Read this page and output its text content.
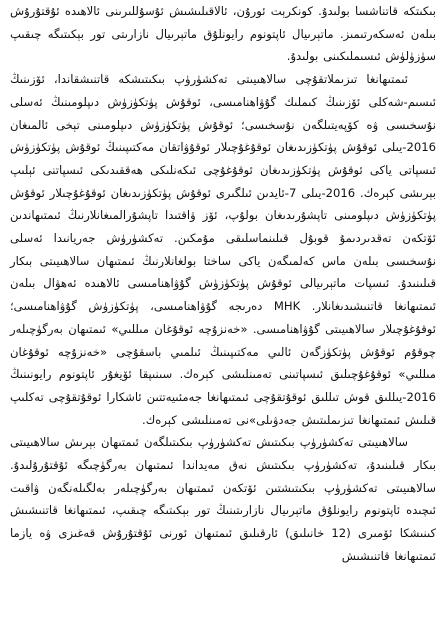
بىكىتكە قاتناشسا بولىدۇ. كونكرېت ئورۇن، ئالاقىلىشىش ئۇسۇللىرىنى ئالاھىدە ئۇقتۇرۇش بىلەن ئەسكەرتىمىز. ماتېرىيال ئاپتونوم رايونلۇق ماتېرىيال نازارىتى تور بېكىتىگە چىقىپ سۈزۈلۈش ئىسىملىكىنى بولىدۇ.

ئىمتىھانغا تىزىملاتقۇچى سالاھىيىتى تەكشۈرۈپ بىكىتىشكە قاتنىشقاندا، ئۆزىنىڭ ئىسىم-شەكلى ئۆزىنىڭ كىملىك گۇۋاھنامىسى، ئوقۇش پۈتكۈزۈش دىپلومىنىڭ ئەسلى نۇسخىسى ۋە كۆپەيتىلگەن نۇسخىسى؛ ئوقۇش پۈتكۈزۈش دىپلومىنى تېخى ئالمىغان 2016-يىلى ئوقۇش پۈتكۈزىدىغان ئوقۇغۇچىلار ئوقۇۋاتقان مەكتىپىنىڭ ئوقۇش پۈتكۈزۈش ئىسپاتى ياكى ئوقۇش پۈتكۈزىدىغان ئوقۇغۇچى ئىكەنلىكى ھەققىدىكى ئىسپاتنى ئېلىپ بېرىشى كېرەك. 2016-يىلى 7-ئايدىن ئىلگىرى ئوقۇش پۈتكۈزىدىغان ئوقۇغۇچىلار ئوقۇش پۈتكۈزۈش دىپلومىنى تاپشۇرىدىغان بولۇپ، ئۆز ۋاقتىدا تاپشۇرالمىغانلارنىڭ ئىمتىھاندىن ئۆتكەن تەقدىردىمۇ قوبۇل قىلىنماسلىقى مۇمكىن. تەكشۈرۈش جەريانىدا ئەسلى نۇسخىسى بىلەن ماس كەلمىگەن ياكى ساختا بولغانلارنىڭ ئىمتىھان سالاھىيىتى بىكار قىلىنىدۇ. ئىسپات ماتېرىيالى ئوقۇش پۈتكۈزۈش گۇۋاھنامىسى ئالاھىدە ئەھۋال بىلەن ئىمتىھانغا قاتنىشىدىغانلار. MHK دەرىجە گۇۋاھنامىسى، پۈتكۈزۈش گۇۋاھنامىسى؛ ئوقۇغۇچىلار سالاھىيىتى گۇۋاھنامىسى. «خەنزۇچە ئوقۇغان مىللىي» ئىمتىھان بەرگۈچىلەر چوقۇم ئوقۇش پۈتكۈزگەن ئالىي مەكتىپىنىڭ ئىلمىي باسقۇچى «خەنزۇچە ئوقۇغان مىللىي» ئوقۇغۇچىلىق ئىسپاتىنى تەمىنلىشى كېرەك. سىنىپقا ئۆيغۇر ئاپتونوم رايونىنىڭ 2016-يىللىق قوش تىللىق ئوقۇتقۇچى ئىمتىھانغا جەمئىيەتتىن ئاشكارا ئوقۇتقۇچى تەكلىپ قىلىش ئىمتىھانغا تىزىملىتىش جەدۋىلى»نى تەمىنلىشى كېرەك.

سالاھىيىتى تەكشۈرۈپ بىكىتىش تەكشۈرۈپ بىكىتىلگەن ئىمتىھان بېرىش سالاھىيىتى بىكار قىلىنىدۇ، تەكشۈرۈپ بىكىتىش نەق مەيداندا ئىمتىھان بەرگۈچىگە ئۇقتۇرۇلىدۇ. سالاھىيىتى تەكشۈرۈپ بىكىتىشتىن ئۆتكەن ئىمتىھان بەرگۈچىلەر بەلگىلەنگەن ۋاقىت ئىچىدە ئاپتونوم رايونلۇق ماتېرىيال نازارىتىنىڭ تور بېكىتىگە چىقىپ، ئىمتىھانغا قاتنىشىش كىنىشكا ئۆمىرى (12 خانىلىق) ئارقىلىق ئىمتىھان ئورنى ئۇقتۇرۇش قەغىزى ۋە يازما ئىمتىھانغا قاتنىشىش
